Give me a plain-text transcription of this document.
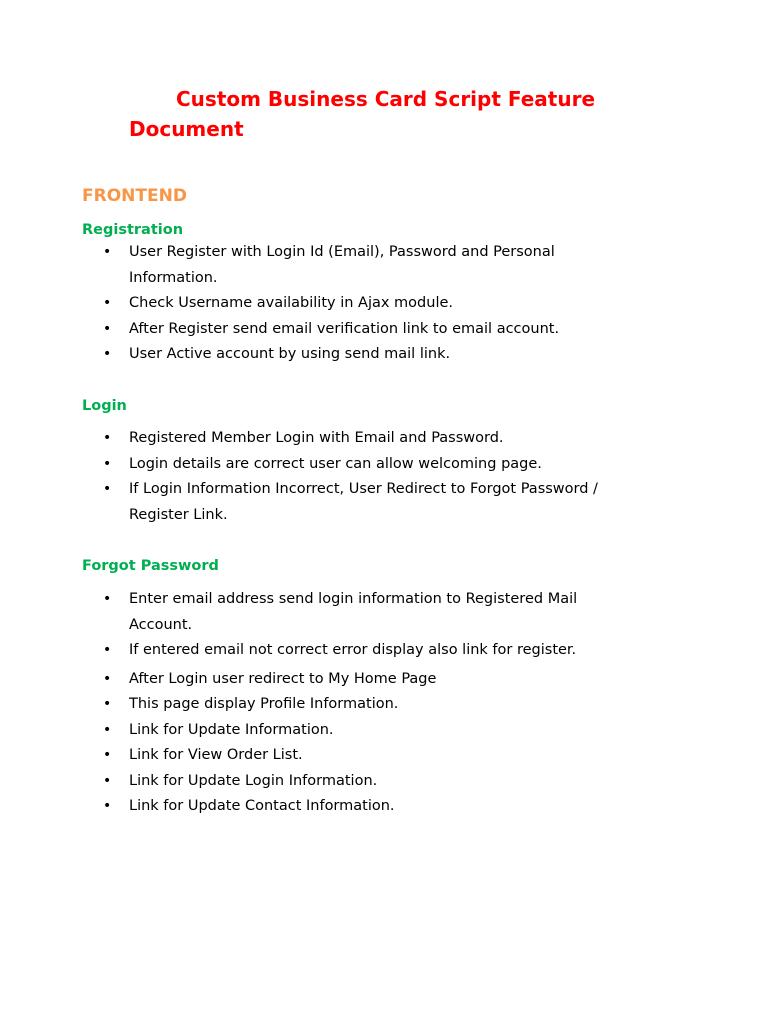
Custom Business Card Script Feature Document
FRONTEND
Registration
• User Register with Login Id (Email), Password and Personal Information.
• Check Username availability in Ajax module.
• After Register send email verification link to email account.
• User Active account by using send mail link.
Login
• Registered Member Login with Email and Password.
• Login details are correct user can allow welcoming page.
• If Login Information Incorrect, User Redirect to Forgot Password / Register Link.
Forgot Password
• Enter email address send login information to Registered Mail Account.
• If entered email not correct error display also link for register.
• After Login user redirect to My Home Page
• This page display Profile Information.
• Link for Update Information.
• Link for View Order List.
• Link for Update Login Information.
• Link for Update Contact Information.
